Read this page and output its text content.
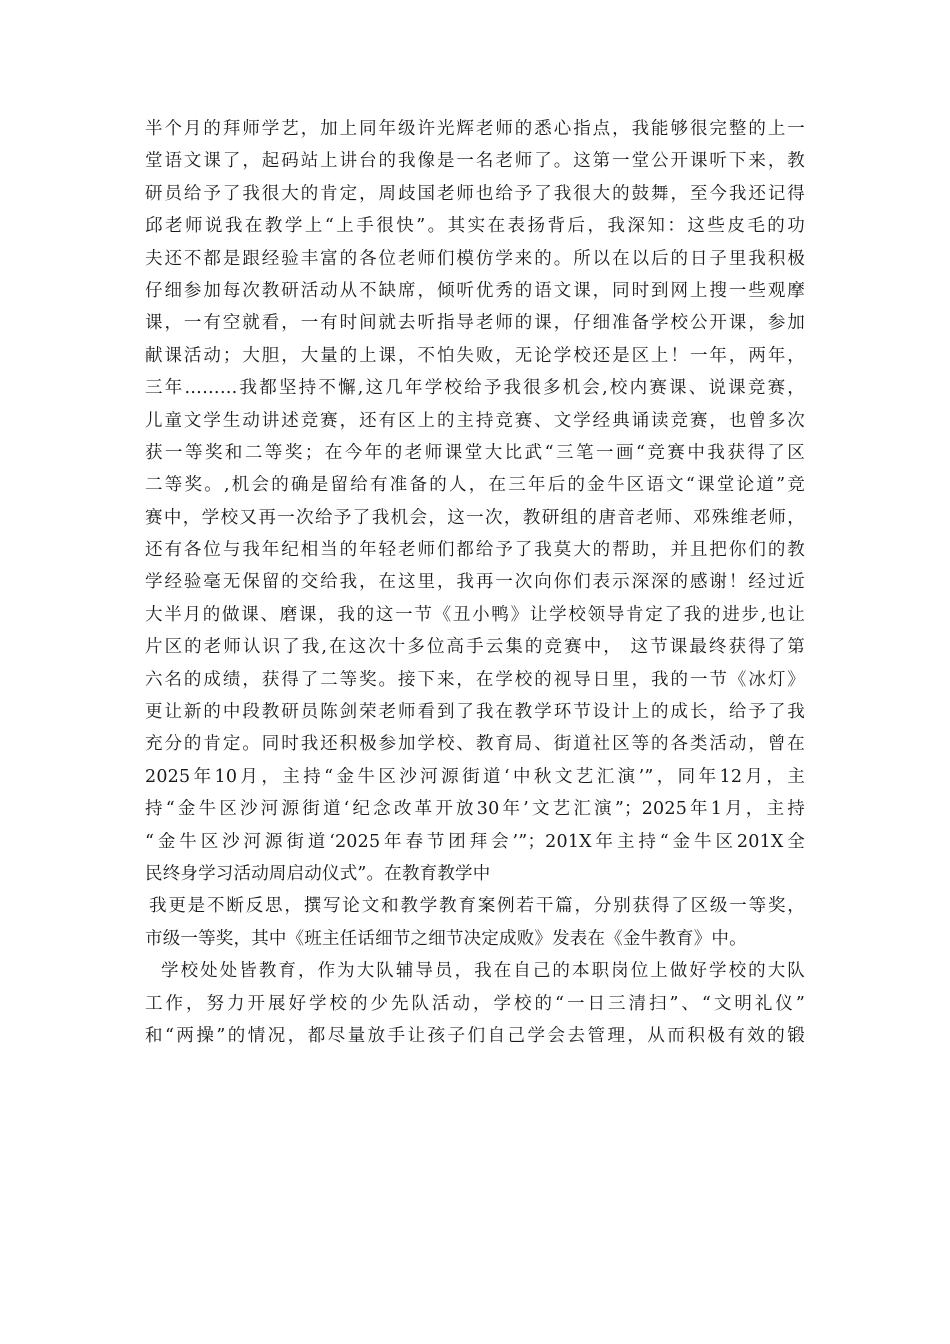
半个月的拜师学艺，加上同年级许光辉老师的悉心指点，我能够很完整的上一
堂语文课了，起码站上讲台的我像是一名老师了。这第一堂公开课听下来，教
研员给予了我很大的肯定，周歧国老师也给予了我很大的鼓舞，至今我还记得
邱老师说我在教学上“上手很快”。其实在表扬背后，我深知：这些皮毛的功
夫还不都是跟经验丰富的各位老师们模仿学来的。所以在以后的日子里我积极
仔细参加每次教研活动从不缺席，倾听优秀的语文课，同时到网上搜一些观摩
课，一有空就看，一有时间就去听指导老师的课，仔细准备学校公开课，参加
献课活动；大胆，大量的上课，不怕失败，无论学校还是区上！一年，两年，
三年………我都坚持不懈,这几年学校给予我很多机会,校内赛课、说课竞赛，
儿童文学生动讲述竞赛，还有区上的主持竞赛、文学经典诵读竞赛，也曾多次
获一等奖和二等奖；在今年的老师课堂大比武“三笔一画“竞赛中我获得了区
二等奖。,机会的确是留给有准备的人，在三年后的金牛区语文“课堂论道”竞
赛中，学校又再一次给予了我机会，这一次，教研组的唐音老师、邓殊维老师，
还有各位与我年纪相当的年轻老师们都给予了我莫大的帮助，并且把你们的教
学经验毫无保留的交给我，在这里，我再一次向你们表示深深的感谢！经过近
大半月的做课、磨课，我的这一节《丑小鸭》让学校领导肯定了我的进步,也让
片区的老师认识了我,在这次十多位高手云集的竞赛中， 这节课最终获得了第
六名的成绩，获得了二等奖。接下来，在学校的视导日里，我的一节《冰灯》
更让新的中段教研员陈剑荣老师看到了我在教学环节设计上的成长，给予了我
充分的肯定。同时我还积极参加学校、教育局、街道社区等的各类活动，曾在
2025年10月，主持“金牛区沙河源街道‘中秋文艺汇演’”，同年12月，主
持“金牛区沙河源街道‘纪念改革开放30年’文艺汇演”；2025年1月，主持
“金牛区沙河源街道‘2025年春节团拜会’”；201X年主持“金牛区201X全
民终身学习活动周启动仪式”。在教育教学中
我更是不断反思，撰写论文和教学教育案例若干篇，分别获得了区级一等奖，
市级一等奖，其中《班主任话细节之细节决定成败》发表在《金牛教育》中。
学校处处皆教育，作为大队辅导员，我在自己的本职岗位上做好学校的大队
工作，努力开展好学校的少先队活动，学校的“一日三清扫”、“文明礼仪”
和“两操”的情况，都尽量放手让孩子们自己学会去管理，从而积极有效的锻
